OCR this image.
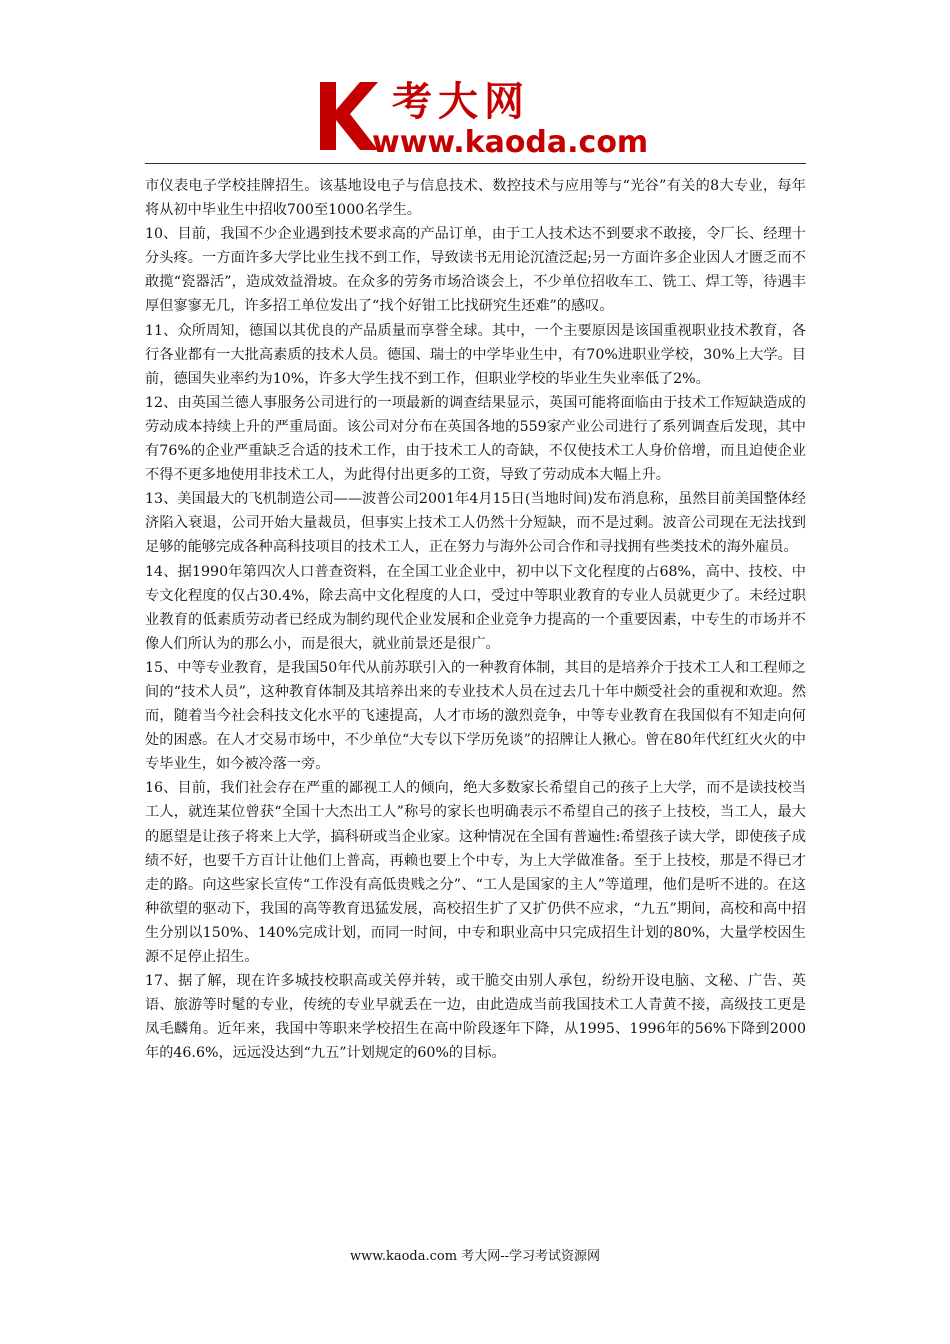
考大网
www.kaoda.com

市仪表电子学校挂牌招生。该基地设电子与信息技术、数控技术与应用等与“光谷”有关的8大专业，每年将从初中毕业生中招收700至1000名学生。

10、目前，我国不少企业遇到技术要求高的产品订单，由于工人技术达不到要求不敢接，令厂长、经理十分头疼。一方面许多大学比业生找不到工作，导致读书无用论沉渣泛起;另一方面许多企业因人才匮乏而不敢揽“瓷器活”，造成效益滑坡。在众多的劳务市场洽谈会上，不少单位招收车工、铣工、焊工等，待遇丰厚但寥寥无几，许多招工单位发出了“找个好钳工比找研究生还难”的感叹。

11、众所周知，德国以其优良的产品质量而享誉全球。其中，一个主要原因是该国重视职业技术教育，各行各业都有一大批高素质的技术人员。德国、瑞士的中学毕业生中，有70%进职业学校，30%上大学。目前，德国失业率约为10%，许多大学生找不到工作，但职业学校的毕业生失业率低了2%。

12、由英国兰德人事服务公司进行的一项最新的调查结果显示，英国可能将面临由于技术工作短缺造成的劳动成本持续上升的严重局面。该公司对分布在英国各地的559家产业公司进行了系列调查后发现，其中有76%的企业严重缺乏合适的技术工作，由于技术工人的奇缺，不仅使技术工人身价倍增，而且迫使企业不得不更多地使用非技术工人，为此得付出更多的工资，导致了劳动成本大幅上升。

13、美国最大的飞机制造公司——波普公司2001年4月15日(当地时间)发布消息称，虽然目前美国整体经济陷入衰退，公司开始大量裁员，但事实上技术工人仍然十分短缺，而不是过剩。波音公司现在无法找到足够的能够完成各种高科技项目的技术工人，正在努力与海外公司合作和寻找拥有些类技术的海外雇员。

14、据1990年第四次人口普查资料，在全国工业企业中，初中以下文化程度的占68%，高中、技校、中专文化程度的仅占30.4%，除去高中文化程度的人口，受过中等职业教育的专业人员就更少了。未经过职业教育的低素质劳动者已经成为制约现代企业发展和企业竞争力提高的一个重要因素，中专生的市场并不像人们所认为的那么小，而是很大，就业前景还是很广。

15、中等专业教育，是我国50年代从前苏联引入的一种教育体制，其目的是培养介于技术工人和工程师之间的“技术人员”，这种教育体制及其培养出来的专业技术人员在过去几十年中颇受社会的重视和欢迎。然而，随着当今社会科技文化水平的飞速提高，人才市场的激烈竞争，中等专业教育在我国似有不知走向何处的困惑。在人才交易市场中，不少单位“大专以下学历免谈”的招牌让人揪心。曾在80年代红红火火的中专毕业生，如今被冷落一旁。

16、目前，我们社会存在严重的鄙视工人的倾向，绝大多数家长希望自己的孩子上大学，而不是读技校当工人，就连某位曾获“全国十大杰出工人”称号的家长也明确表示不希望自己的孩子上技校，当工人，最大的愿望是让孩子将来上大学，搞科研或当企业家。这种情况在全国有普遍性:希望孩子读大学，即使孩子成绩不好，也要千方百计让他们上普高，再赖也要上个中专，为上大学做准备。至于上技校，那是不得已才走的路。向这些家长宣传“工作没有高低贵贱之分”、“工人是国家的主人”等道理，他们是听不进的。在这种欲望的驱动下，我国的高等教育迅猛发展，高校招生扩了又扩仍供不应求，“九五”期间，高校和高中招生分别以150%、140%完成计划，而同一时间，中专和职业高中只完成招生计划的80%，大量学校因生源不足停止招生。

17、据了解，现在许多城技校职高或关停并转，或干脆交由别人承包，纷纷开设电脑、文秘、广告、英语、旅游等时髦的专业，传统的专业早就丢在一边，由此造成当前我国技术工人青黄不接，高级技工更是凤毛麟角。近年来，我国中等职来学校招生在高中阶段逐年下降，从1995、1996年的56%下降到2000年的46.6%，远远没达到“九五”计划规定的60%的目标。

www.kaoda.com 考大网--学习考试资源网
